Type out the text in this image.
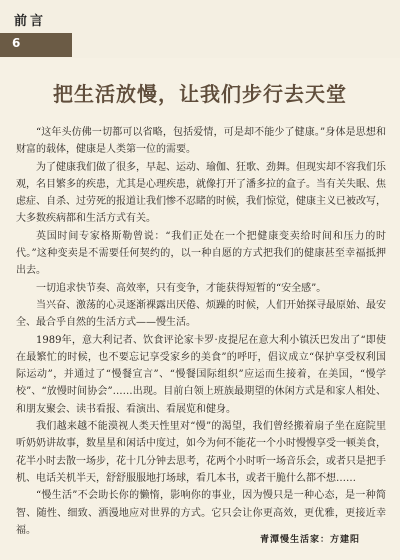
前言
6
把生活放慢，让我们步行去天堂

“这年头仿佛一切都可以省略，包括爱情，可是却不能少了健康。”身体是思想和财富的载体，健康是人类第一位的需要。

为了健康我们做了很多，早起、运动、瑜伽、狂歌、劲舞。但现实却不容我们乐观，名目繁多的疾患，尤其是心理疾患，就像打开了潘多拉的盒子。当有关失眠、焦虑症、自杀、过劳死的报道让我们惨不忍睹的时候，我们惊觉，健康主义已被改写，大多数疾病都和生活方式有关。

英国时间专家格斯勒曾说：“我们正处在一个把健康变卖给时间和压力的时代。”这种变卖是不需要任何契约的，以一种自愿的方式把我们的健康甚至幸福抵押出去。

一切追求快节奏、高效率，只有变争，才能获得短暂的“安全感”。

当兴奋、激荡的心灵逐渐裸露出厌倦、烦躁的时候，人们开始探寻最原始、最安全、最合乎自然的生活方式——慢生活。

1989年，意大利记者、饮食评论家卡罗·皮提尼在意大利小镇沃巴发出了“即使在最繁忙的时候，也不要忘记享受家乡的美食”的呼吁，倡议成立“保护享受权利国际运动”，并通过了“慢餐宣言”、“慢餐国际组织”应运而生接着，在美国，“慢学校”、“放慢时间协会”……出现。目前白领上班族最期望的休闲方式是和家人相处、和朋友聚会、读书看报、看演出、看展览和健身。

我们越来越不能漠视人类天性里对“慢”的渴望，我们曾经搬着扇子坐在庭院里听奶奶讲故事，数星星和闲话中度过，如今为何不能花一个小时慢慢享受一顿美食，花半小时去散一场步，花十几分钟去思考，花两个小时听一场音乐会，或者只是把手机、电话关机半天，舒舒服服地打场球，看几本书，或者干脆什么都不想……

“慢生活”不会助长你的懒惰，影响你的事业，因为慢只是一种心态，是一种简智、随性、细致、洒漫地应对世界的方式。它只会让你更高效，更优雅，更接近幸福。

青潭慢生活家：方建阳
